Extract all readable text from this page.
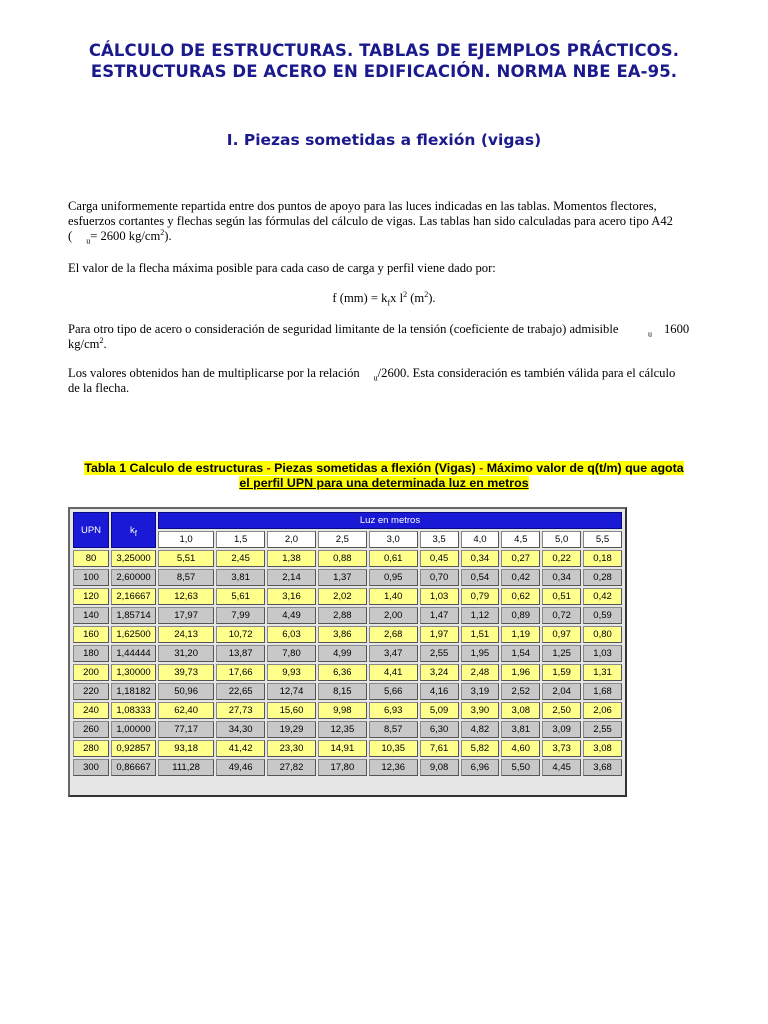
CÁLCULO DE ESTRUCTURAS. TABLAS DE EJEMPLOS PRÁCTICOS.
ESTRUCTURAS DE ACERO EN EDIFICACIÓN. NORMA NBE EA-95.
I. Piezas sometidas a flexión (vigas)
Carga uniformemente repartida entre dos puntos de apoyo para las luces indicadas en las tablas. Momentos flectores,
esfuerzos cortantes y flechas según las fórmulas del cálculo de vigas. Las tablas han sido calculadas para acero tipo A42
( $_u$= 2600 $kg/cm^2$).
El valor de la flecha máxima posible para cada caso de carga y perfil viene dado por:
f $(mm) = k_fx$ $l^2$ $(m^2)$.
Para otro tipo de acero o consideración de seguridad limitante de la tensión (coeficiente de trabajo) admisible	$_u$ 1600
$kg/cm^2$.
Los valores obtenidos han de multiplicarse por la relación $_u$/2600. Esta consideración es también válida para el cálculo
de la flecha.
Tabla 1 Calculo de estructuras - Piezas sometidas a flexión (Vigas) - Máximo valor de q(t/m) que agota
el perfil UPN para una determinada luz en metros
UPN	$k_f$	Luz en metros									
		1,0	1,5	2,0	2,5	3,0	3,5	4,0	4,5	5,0	5,5
80	3,25000	5,51	2,45	1,38	0,88	0,61	0,45	0,34	0,27	0,22	0,18
100	2,60000	8,57	3,81	2,14	1,37	0,95	0,70	0,54	0,42	0,34	0,28
120	2,16667	12,63	5,61	3,16	2,02	1,40	1,03	0,79	0,62	0,51	0,42
140	1,85714	17,97	7,99	4,49	2,88	2,00	1,47	1,12	0,89	0,72	0,59
160	1,62500	24,13	10,72	6,03	3,86	2,68	1,97	1,51	1,19	0,97	0,80
180	1,44444	31,20	13,87	7,80	4,99	3,47	2,55	1,95	1,54	1,25	1,03
200	1,30000	39,73	17,66	9,93	6,36	4,41	3,24	2,48	1,96	1,59	1,31
220	1,18182	50,96	22,65	12,74	8,15	5,66	4,16	3,19	2,52	2,04	1,68
240	1,08333	62,40	27,73	15,60	9,98	6,93	5,09	3,90	3,08	2,50	2,06
260	1,00000	77,17	34,30	19,29	12,35	8,57	6,30	4,82	3,81	3,09	2,55
280	0,92857	93,18	41,42	23,30	14,91	10,35	7,61	5,82	4,60	3,73	3,08
300	0,86667	111,28	49,46	27,82	17,80	12,36	9,08	6,96	5,50	4,45	3,68
